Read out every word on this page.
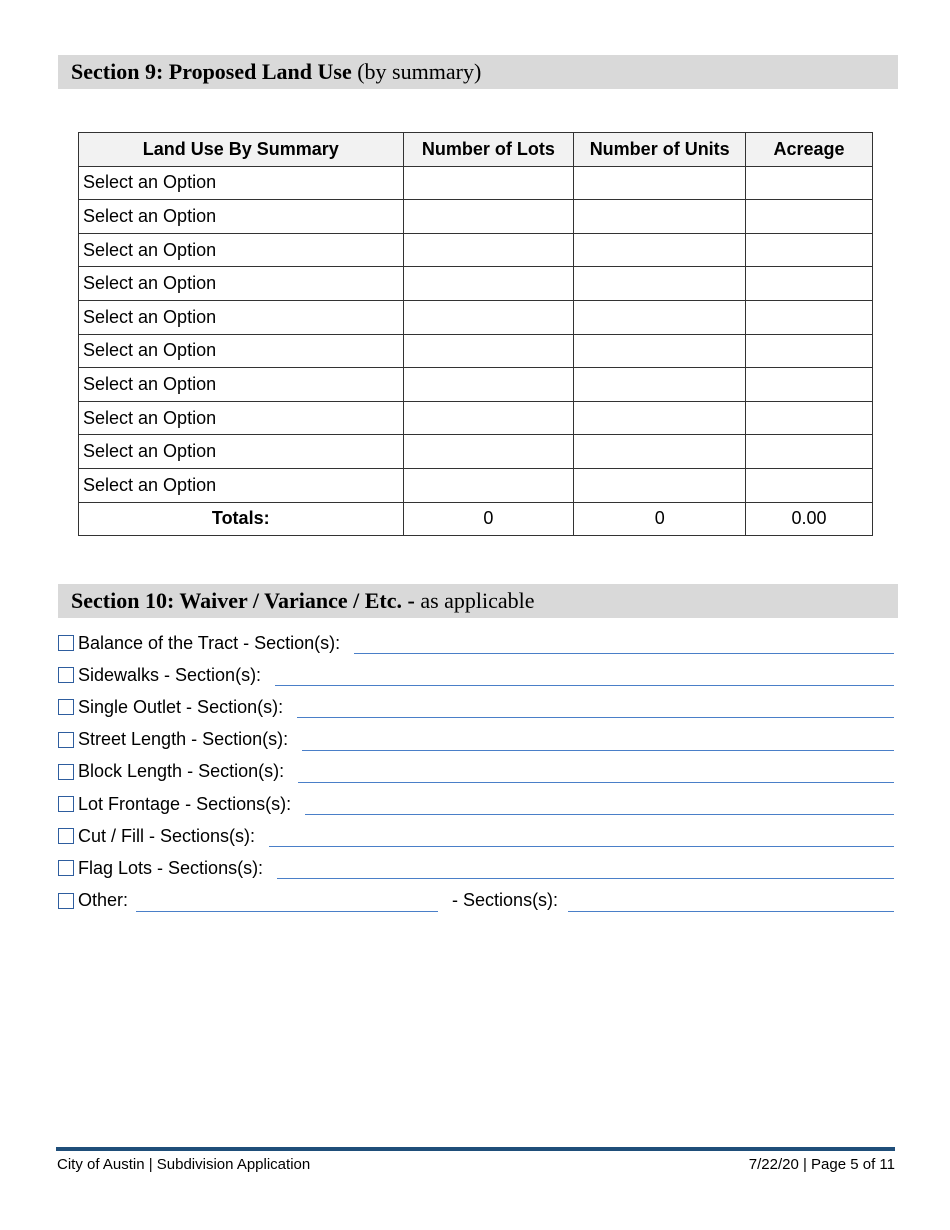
Section 9: Proposed Land Use (by summary)
Land Use By Summary	Number of Lots	Number of Units	Acreage
Select an Option			
Select an Option			
Select an Option			
Select an Option			
Select an Option			
Select an Option			
Select an Option			
Select an Option			
Select an Option			
Select an Option			
Totals:	0	0	0.00
Section 10: Waiver / Variance / Etc. - as applicable
Balance of the Tract - Section(s):
Sidewalks - Section(s):
Single Outlet - Section(s):
Street Length - Section(s):
Block Length - Section(s):
Lot Frontage - Sections(s):
Cut / Fill - Sections(s):
Flag Lots - Sections(s):
Other:	- Sections(s):
City of Austin | Subdivision Application	7/22/20 | Page 5 of 11
